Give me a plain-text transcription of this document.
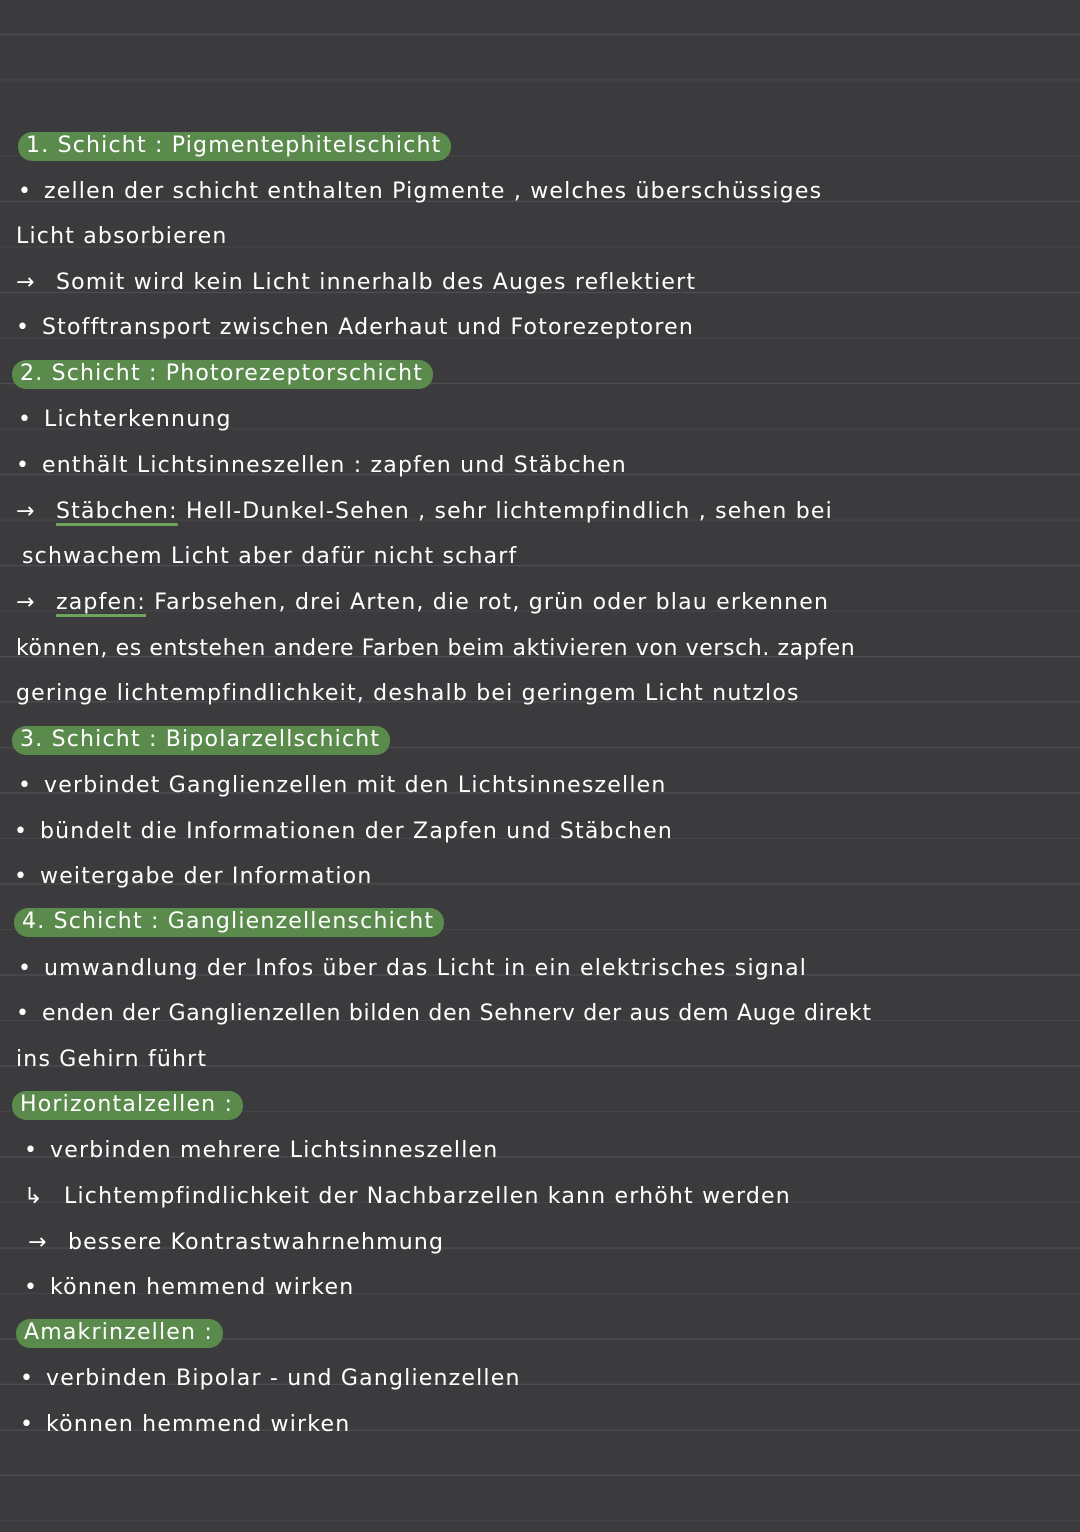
1. Schicht : Pigmentephitelschicht
• zellen der schicht enthalten Pigmente , welches überschüssiges
Licht absorbieren
→ Somit wird kein Licht innerhalb des Auges reflektiert
• Stofftransport zwischen Aderhaut und Fotorezeptoren
2. Schicht : Photorezeptorschicht
• Lichterkennung
• enthält Lichtsinneszellen : zapfen und Stäbchen
→ Stäbchen: Hell-Dunkel-Sehen , sehr lichtempfindlich , sehen bei
schwachem Licht aber dafür nicht scharf
→ zapfen: Farbsehen, drei Arten, die rot, grün oder blau erkennen
können, es entstehen andere Farben beim aktivieren von versch. zapfen
geringe lichtempfindlichkeit, deshalb bei geringem Licht nutzlos
3. Schicht : Bipolarzellschicht
• verbindet Ganglienzellen mit den Lichtsinneszellen
• bündelt die Informationen der Zapfen und Stäbchen
• weitergabe der Information
4. Schicht : Ganglienzellenschicht
• umwandlung der Infos über das Licht in ein elektrisches signal
• enden der Ganglienzellen bilden den Sehnerv der aus dem Auge direkt
ins Gehirn führt
Horizontalzellen :
• verbinden mehrere Lichtsinneszellen
↳ Lichtempfindlichkeit der Nachbarzellen kann erhöht werden
→ bessere Kontrastwahrnehmung
• können hemmend wirken
Amakrinzellen :
• verbinden Bipolar - und Ganglienzellen
• können hemmend wirken
